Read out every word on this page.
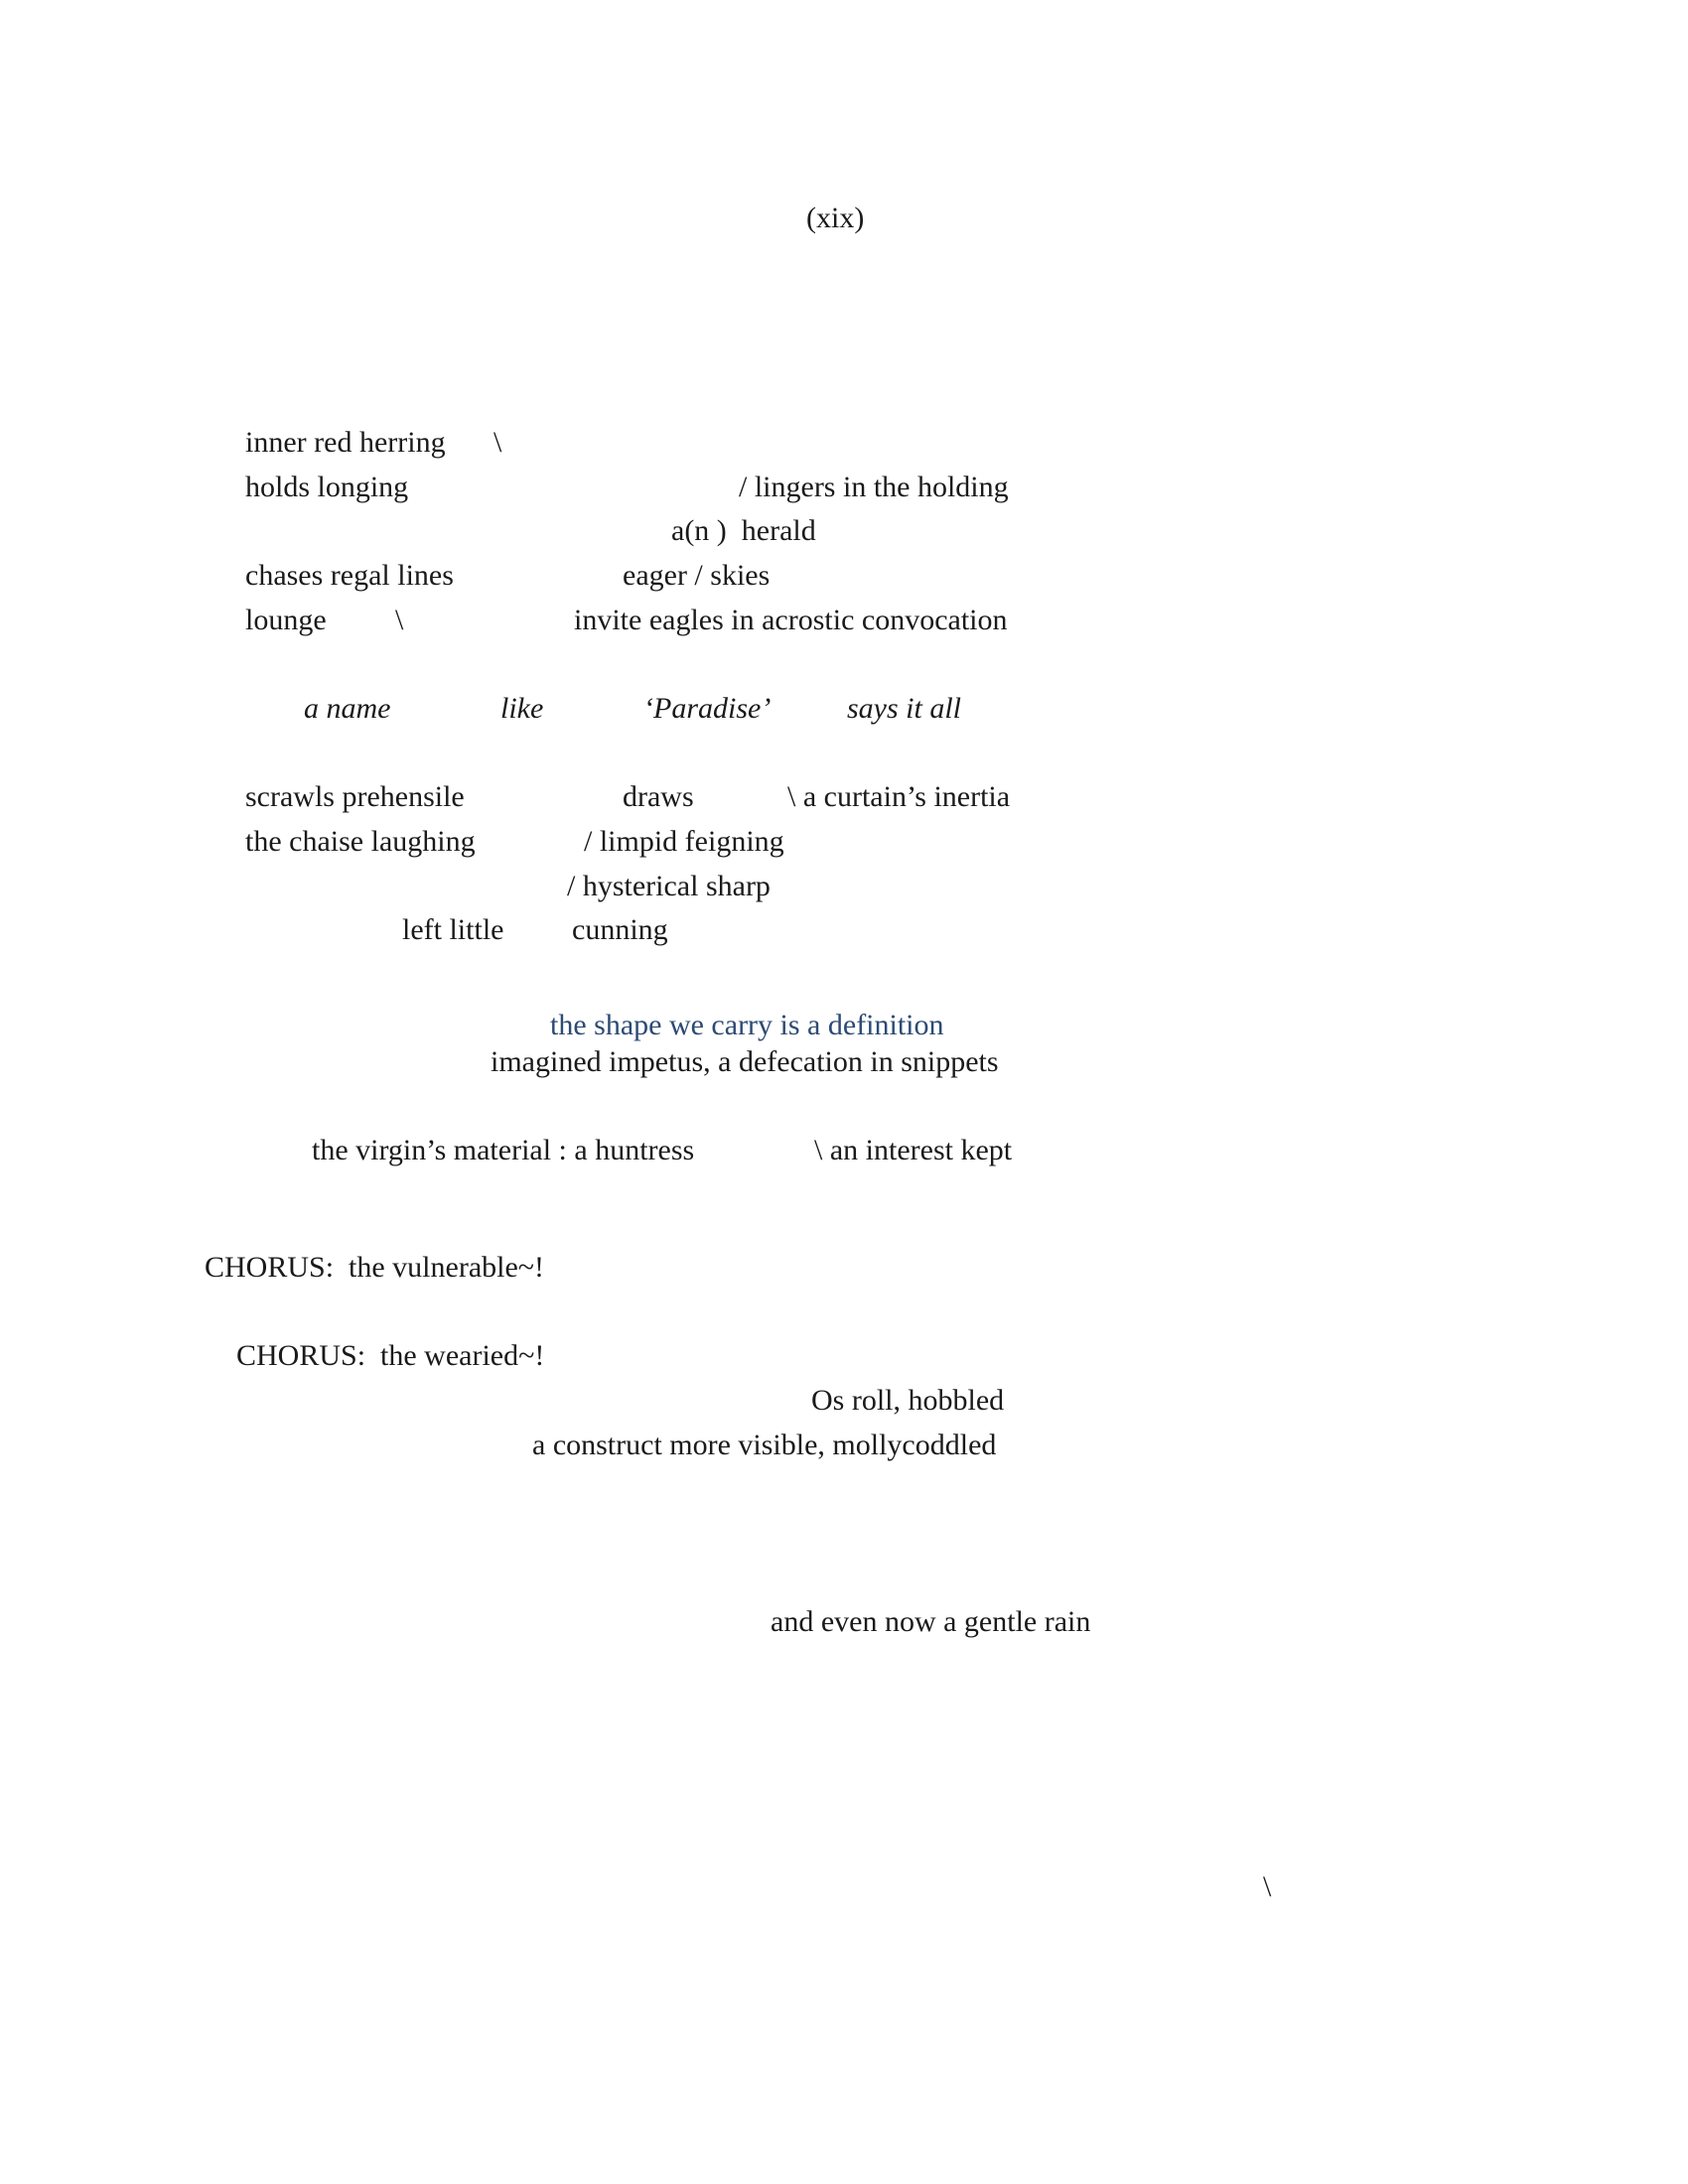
(xix)
inner red herring \
holds longing	/ lingers in the holding
a(n )  herald
chases regal lines	eager / skies
lounge \	invite eagles in acrostic convocation
a name	like	‘Paradise’	says it all
scrawls prehensile	draws	\ a curtain’s inertia
the chaise laughing	/ limpid feigning
/ hysterical sharp
left little cunning
the shape we carry is a definition
imagined impetus, a defecation in snippets
the virgin’s material : a huntress	\ an interest kept
CHORUS:  the vulnerable~!
CHORUS:  the wearied~!
Os roll, hobbled
a construct more visible, mollycoddled
and even now a gentle rain
\
